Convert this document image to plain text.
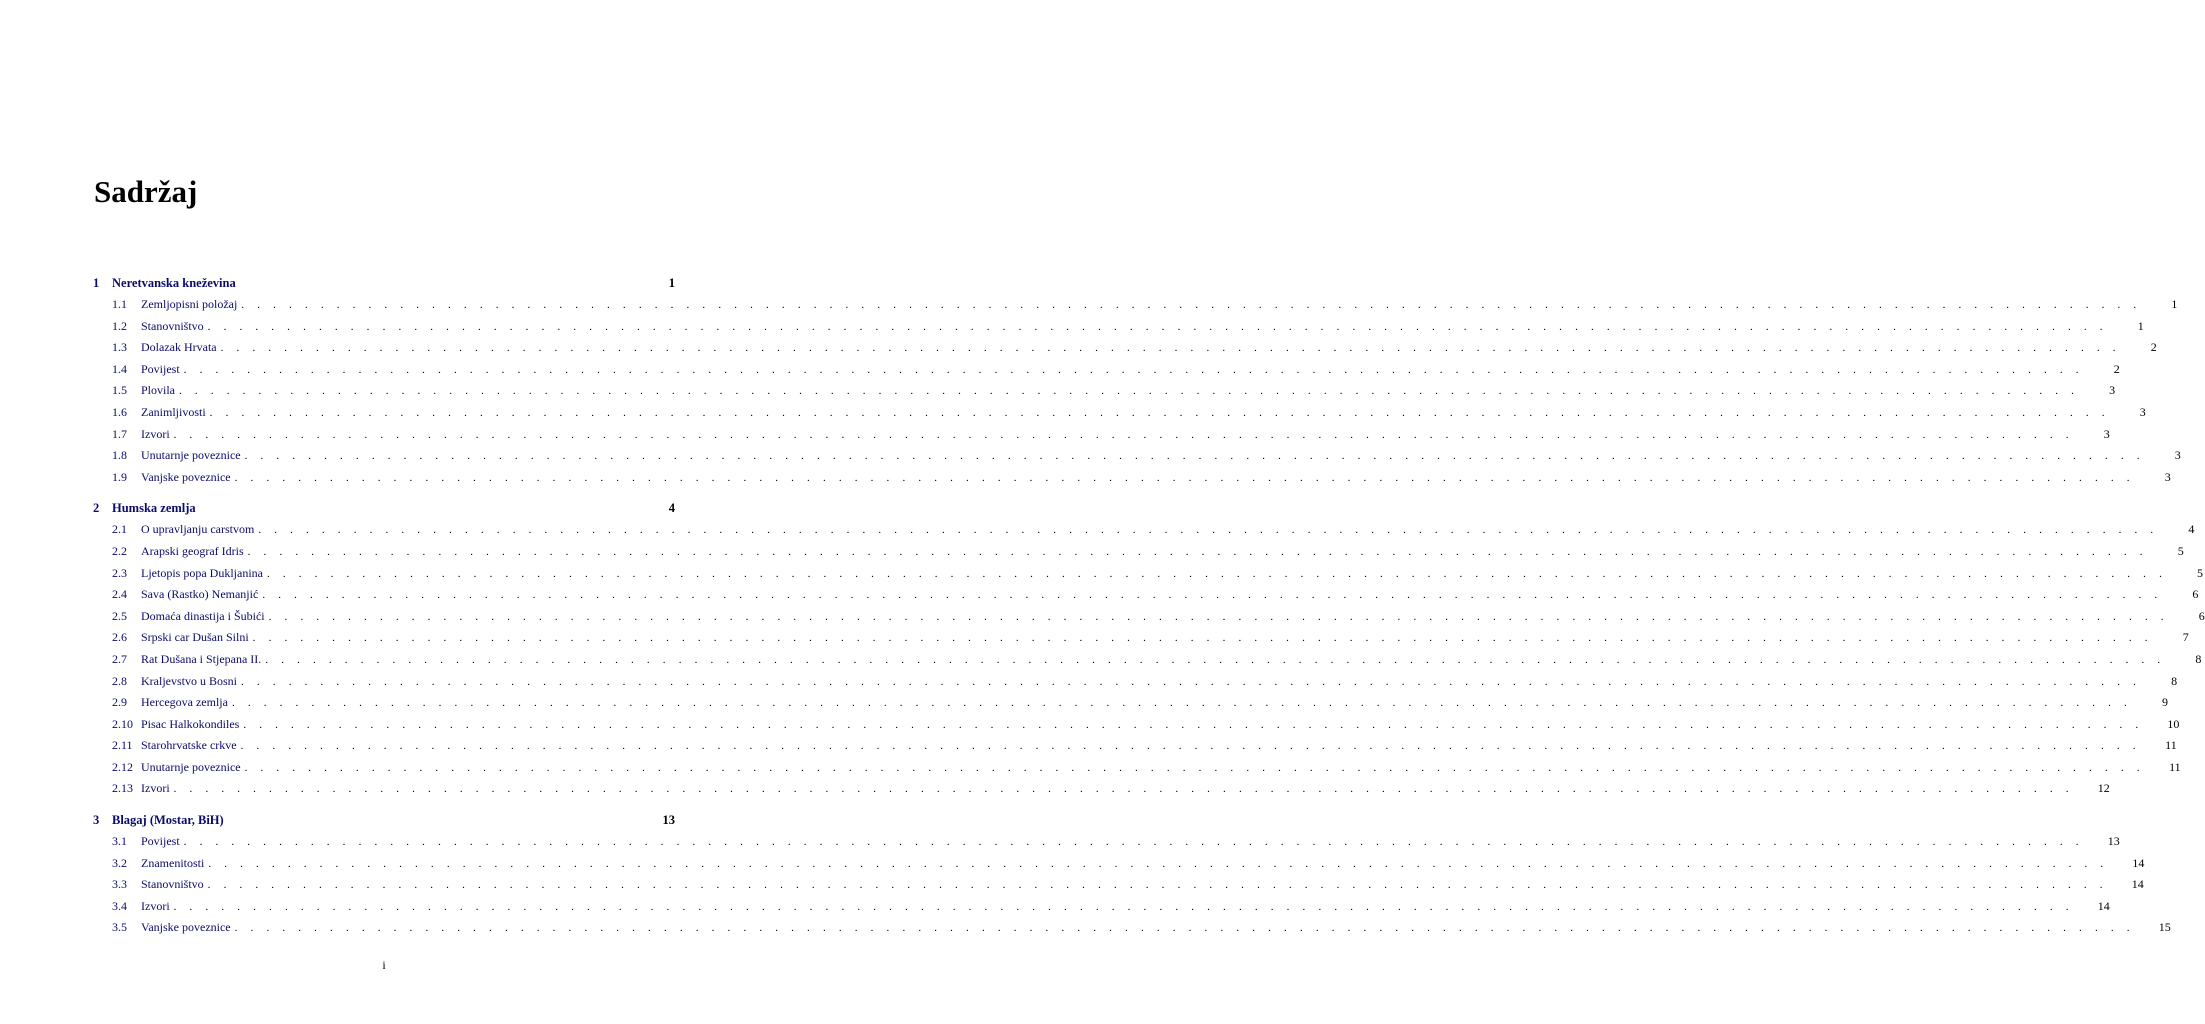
Sadržaj
1	Neretvanska kneževina	1
1.1	Zemljopisni položaj . . . . . . . . . . . . . . . . . . . . . . . . . . . . . . . . . . . . . . . . . . . . . . . . . . . . . . . . . . . . . . . . . . . . . . . . . . . . . . . . . . . . . . . . . . . . . . . . . . . . . . . . . . . . . . . . . . . . . . . .	1
1.2	Stanovništvo . . . . . . . . . . . . . . . . . . . . . . . . . . . . . . . . . . . . . . . . . . . . . . . . . . . . . . . . . . . . . . . . . . . . . . . . . . . . . . . . . . . . . . . . . . . . . . . . . . . . . . . . . . . . . . . . . . . . . . . .	1
1.3	Dolazak Hrvata . . . . . . . . . . . . . . . . . . . . . . . . . . . . . . . . . . . . . . . . . . . . . . . . . . . . . . . . . . . . . . . . . . . . . . . . . . . . . . . . . . . . . . . . . . . . . . . . . . . . . . . . . . . . . . . . . . . . . . . .	2
1.4	Povijest . . . . . . . . . . . . . . . . . . . . . . . . . . . . . . . . . . . . . . . . . . . . . . . . . . . . . . . . . . . . . . . . . . . . . . . . . . . . . . . . . . . . . . . . . . . . . . . . . . . . . . . . . . . . . . . . . . . . . . . .	2
1.5	Plovila . . . . . . . . . . . . . . . . . . . . . . . . . . . . . . . . . . . . . . . . . . . . . . . . . . . . . . . . . . . . . . . . . . . . . . . . . . . . . . . . . . . . . . . . . . . . . . . . . . . . . . . . . . . . . . . . . . . . . . . .	3
1.6	Zanimljivosti . . . . . . . . . . . . . . . . . . . . . . . . . . . . . . . . . . . . . . . . . . . . . . . . . . . . . . . . . . . . . . . . . . . . . . . . . . . . . . . . . . . . . . . . . . . . . . . . . . . . . . . . . . . . . . . . . . . . . . . .	3
1.7	Izvori . . . . . . . . . . . . . . . . . . . . . . . . . . . . . . . . . . . . . . . . . . . . . . . . . . . . . . . . . . . . . . . . . . . . . . . . . . . . . . . . . . . . . . . . . . . . . . . . . . . . . . . . . . . . . . . . . . . . . . . .	3
1.8	Unutarnje poveznice . . . . . . . . . . . . . . . . . . . . . . . . . . . . . . . . . . . . . . . . . . . . . . . . . . . . . . . . . . . . . . . . . . . . . . . . . . . . . . . . . . . . . . . . . . . . . . . . . . . . . . . . . . . . . . . . . . . . . . . .	3
1.9	Vanjske poveznice . . . . . . . . . . . . . . . . . . . . . . . . . . . . . . . . . . . . . . . . . . . . . . . . . . . . . . . . . . . . . . . . . . . . . . . . . . . . . . . . . . . . . . . . . . . . . . . . . . . . . . . . . . . . . . . . . . . . . . . .	3
2	Humska zemlja	4
2.1	O upravljanju carstvom . . . . . . . . . . . . . . . . . . . . . . . . . . . . . . . . . . . . . . . . . . . . . . . . . . . . . . . . . . . . . . . . . . . . . . . . . . . . . . . . . . . . . . . . . . . . . . . . . . . . . . . . . . . . . . . . . . . . . . . .	4
2.2	Arapski geograf Idris . . . . . . . . . . . . . . . . . . . . . . . . . . . . . . . . . . . . . . . . . . . . . . . . . . . . . . . . . . . . . . . . . . . . . . . . . . . . . . . . . . . . . . . . . . . . . . . . . . . . . . . . . . . . . . . . . . . . . . . .	5
2.3	Ljetopis popa Dukljanina . . . . . . . . . . . . . . . . . . . . . . . . . . . . . . . . . . . . . . . . . . . . . . . . . . . . . . . . . . . . . . . . . . . . . . . . . . . . . . . . . . . . . . . . . . . . . . . . . . . . . . . . . . . . . . . . . . . . . . . .	5
2.4	Sava (Rastko) Nemanjić . . . . . . . . . . . . . . . . . . . . . . . . . . . . . . . . . . . . . . . . . . . . . . . . . . . . . . . . . . . . . . . . . . . . . . . . . . . . . . . . . . . . . . . . . . . . . . . . . . . . . . . . . . . . . . . . . . . . . . . .	6
2.5	Domaća dinastija i Šubići . . . . . . . . . . . . . . . . . . . . . . . . . . . . . . . . . . . . . . . . . . . . . . . . . . . . . . . . . . . . . . . . . . . . . . . . . . . . . . . . . . . . . . . . . . . . . . . . . . . . . . . . . . . . . . . . . . . . . . . .	6
2.6	Srpski car Dušan Silni . . . . . . . . . . . . . . . . . . . . . . . . . . . . . . . . . . . . . . . . . . . . . . . . . . . . . . . . . . . . . . . . . . . . . . . . . . . . . . . . . . . . . . . . . . . . . . . . . . . . . . . . . . . . . . . . . . . . . . . .	7
2.7	Rat Dušana i Stjepana II. . . . . . . . . . . . . . . . . . . . . . . . . . . . . . . . . . . . . . . . . . . . . . . . . . . . . . . . . . . . . . . . . . . . . . . . . . . . . . . . . . . . . . . . . . . . . . . . . . . . . . . . . . . . . . . . . . . . . . . . .	8
2.8	Kraljevstvo u Bosni . . . . . . . . . . . . . . . . . . . . . . . . . . . . . . . . . . . . . . . . . . . . . . . . . . . . . . . . . . . . . . . . . . . . . . . . . . . . . . . . . . . . . . . . . . . . . . . . . . . . . . . . . . . . . . . . . . . . . . . .	8
2.9	Hercegova zemlja . . . . . . . . . . . . . . . . . . . . . . . . . . . . . . . . . . . . . . . . . . . . . . . . . . . . . . . . . . . . . . . . . . . . . . . . . . . . . . . . . . . . . . . . . . . . . . . . . . . . . . . . . . . . . . . . . . . . . . . .	9
2.10 Pisac Halkokondiles . . . . . . . . . . . . . . . . . . . . . . . . . . . . . . . . . . . . . . . . . . . . . . . . . . . . . . . . . . . . . . . . . . . . . . . . . . . . . . . . . . . . . . . . . . . . . . . . . . . . . . . . . . . . . . . . . . . . . . . .	10
2.11 Starohrvatske crkve . . . . . . . . . . . . . . . . . . . . . . . . . . . . . . . . . . . . . . . . . . . . . . . . . . . . . . . . . . . . . . . . . . . . . . . . . . . . . . . . . . . . . . . . . . . . . . . . . . . . . . . . . . . . . . . . . . . . . . . .	11
2.12 Unutarnje poveznice . . . . . . . . . . . . . . . . . . . . . . . . . . . . . . . . . . . . . . . . . . . . . . . . . . . . . . . . . . . . . . . . . . . . . . . . . . . . . . . . . . . . . . . . . . . . . . . . . . . . . . . . . . . . . . . . . . . . . . . .	11
2.13 Izvori . . . . . . . . . . . . . . . . . . . . . . . . . . . . . . . . . . . . . . . . . . . . . . . . . . . . . . . . . . . . . . . . . . . . . . . . . . . . . . . . . . . . . . . . . . . . . . . . . . . . . . . . . . . . . . . . . . . . . . . .	12
3	Blagaj (Mostar, BiH)	13
3.1	Povijest . . . . . . . . . . . . . . . . . . . . . . . . . . . . . . . . . . . . . . . . . . . . . . . . . . . . . . . . . . . . . . . . . . . . . . . . . . . . . . . . . . . . . . . . . . . . . . . . . . . . . . . . . . . . . . . . . . . . . . . .	13
3.2	Znamenitosti . . . . . . . . . . . . . . . . . . . . . . . . . . . . . . . . . . . . . . . . . . . . . . . . . . . . . . . . . . . . . . . . . . . . . . . . . . . . . . . . . . . . . . . . . . . . . . . . . . . . . . . . . . . . . . . . . . . . . . . .	14
3.3	Stanovništvo . . . . . . . . . . . . . . . . . . . . . . . . . . . . . . . . . . . . . . . . . . . . . . . . . . . . . . . . . . . . . . . . . . . . . . . . . . . . . . . . . . . . . . . . . . . . . . . . . . . . . . . . . . . . . . . . . . . . . . . .	14
3.4	Izvori . . . . . . . . . . . . . . . . . . . . . . . . . . . . . . . . . . . . . . . . . . . . . . . . . . . . . . . . . . . . . . . . . . . . . . . . . . . . . . . . . . . . . . . . . . . . . . . . . . . . . . . . . . . . . . . . . . . . . . . .	14
3.5	Vanjske poveznice . . . . . . . . . . . . . . . . . . . . . . . . . . . . . . . . . . . . . . . . . . . . . . . . . . . . . . . . . . . . . . . . . . . . . . . . . . . . . . . . . . . . . . . . . . . . . . . . . . . . . . . . . . . . . . . . . . . . . . . .	15
i
